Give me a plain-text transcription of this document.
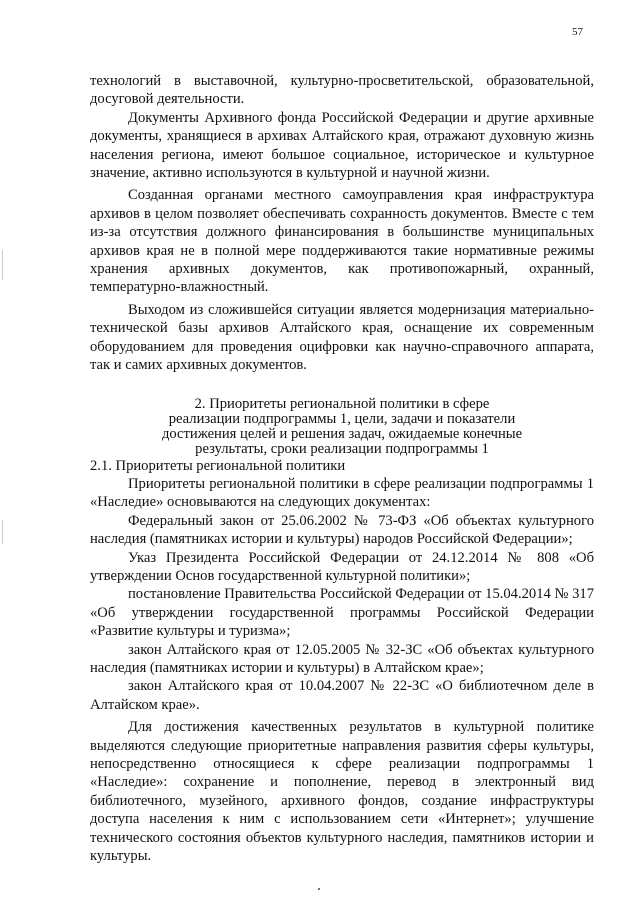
57

технологий в выставочной, культурно-просветительской, образовательной, досуговой деятельности.

Документы Архивного фонда Российской Федерации и другие архивные документы, хранящиеся в архивах Алтайского края, отражают духовную жизнь населения региона, имеют большое социальное, историческое и культурное значение, активно используются в культурной и научной жизни.

Созданная органами местного самоуправления края инфраструктура архивов в целом позволяет обеспечивать сохранность документов. Вместе с тем из-за отсутствия должного финансирования в большинстве муниципальных архивов края не в полной мере поддерживаются такие нормативные режимы хранения архивных документов, как противопожарный, охранный, температурно-влажностный.

Выходом из сложившейся ситуации является модернизация материально-технической базы архивов Алтайского края, оснащение их современным оборудованием для проведения оцифровки как научно-справочного аппарата, так и самих архивных документов.

2. Приоритеты региональной политики в сфере
реализации подпрограммы 1, цели, задачи и показатели
достижения целей и решения задач, ожидаемые конечные
результаты, сроки реализации подпрограммы 1

2.1. Приоритеты региональной политики

Приоритеты региональной политики в сфере реализации подпрограммы 1 «Наследие» основываются на следующих документах:

Федеральный закон от 25.06.2002 № 73-ФЗ «Об объектах культурного наследия (памятниках истории и культуры) народов Российской Федерации»;

Указ Президента Российской Федерации от 24.12.2014 № 808 «Об утверждении Основ государственной культурной политики»;

постановление Правительства Российской Федерации от 15.04.2014 № 317 «Об утверждении государственной программы Российской Федерации «Развитие культуры и туризма»;

закон Алтайского края от 12.05.2005 № 32-ЗС «Об объектах культурного наследия (памятниках истории и культуры) в Алтайском крае»;

закон Алтайского края от 10.04.2007 № 22-ЗС «О библиотечном деле в Алтайском крае».

Для достижения качественных результатов в культурной политике выделяются следующие приоритетные направления развития сферы культуры, непосредственно относящиеся к сфере реализации подпрограммы 1 «Наследие»: сохранение и пополнение, перевод в электронный вид библиотечного, музейного, архивного фондов, создание инфраструктуры доступа населения к ним с использованием сети «Интернет»; улучшение технического состояния объектов культурного наследия, памятников истории и культуры.
